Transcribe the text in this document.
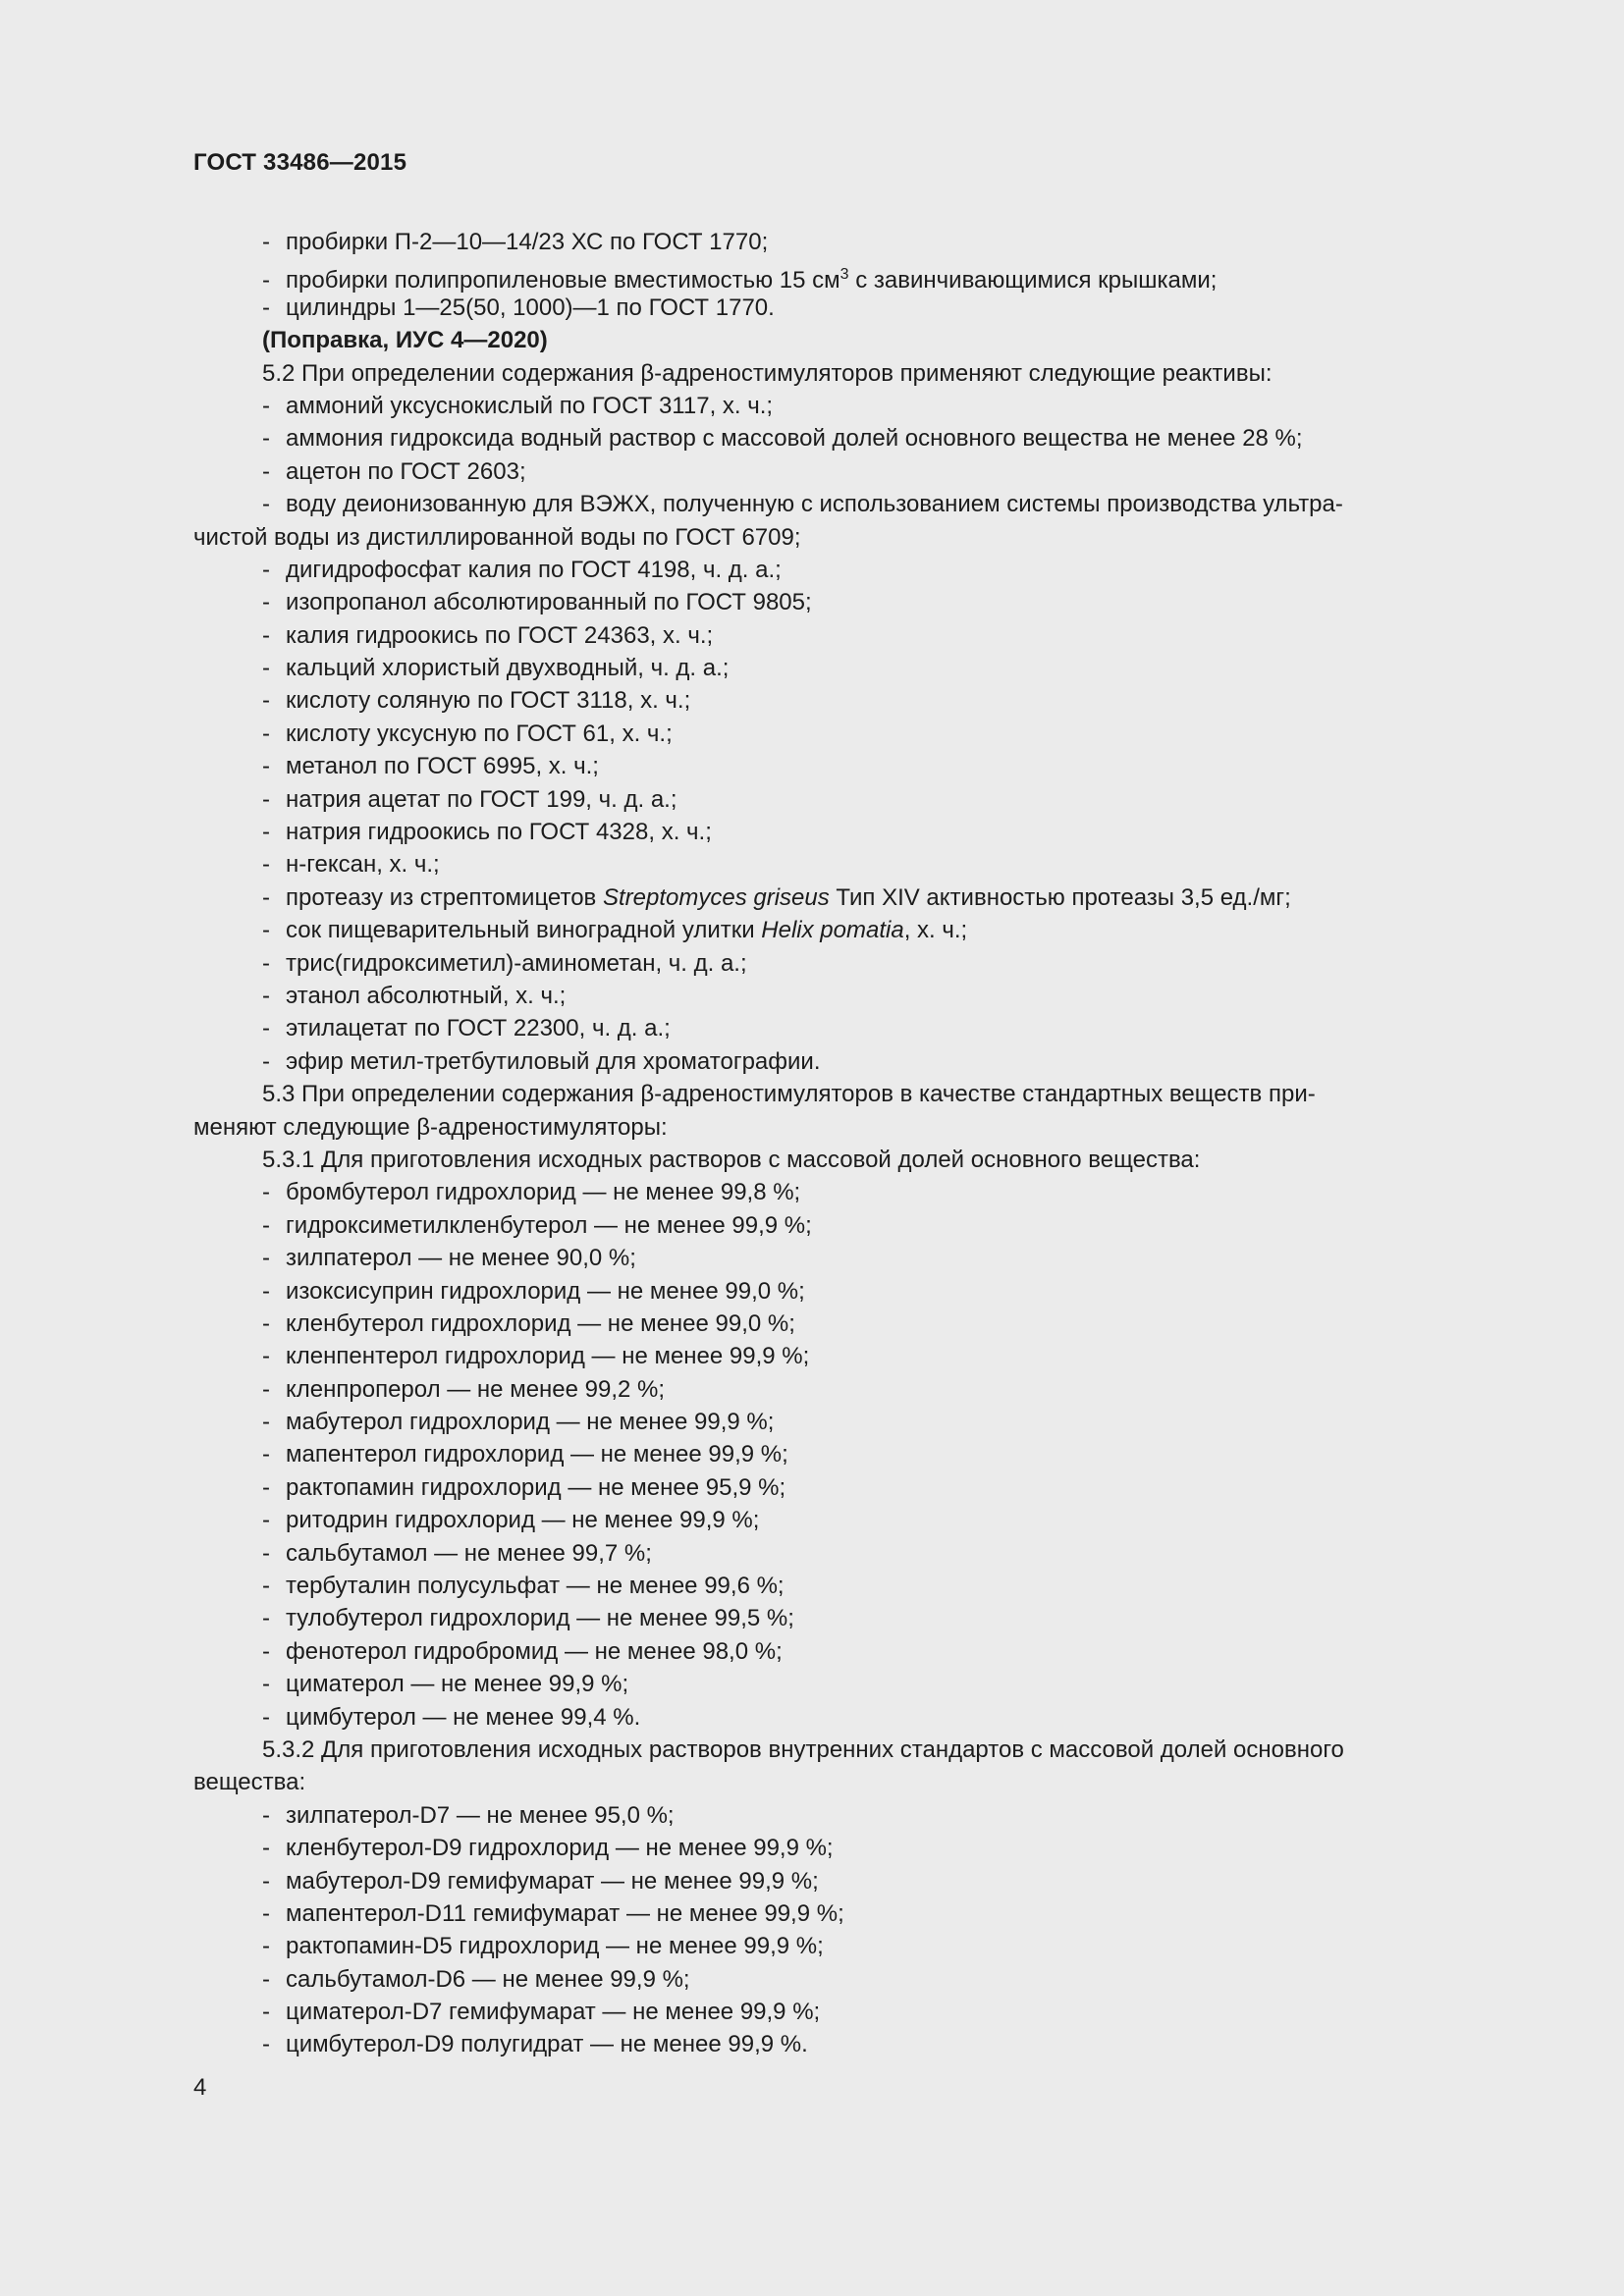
ГОСТ 33486—2015
- пробирки П-2—10—14/23 ХС по ГОСТ 1770;
- пробирки полипропиленовые вместимостью 15 $см^3$ с завинчивающимися крышками;
- цилиндры 1—25(50, 1000)—1 по ГОСТ 1770.
(Поправка, ИУС 4—2020)
5.2 При определении содержания β-адреностимуляторов применяют следующие реактивы:
- аммоний уксуснокислый по ГОСТ 3117, х. ч.;
- аммония гидроксида водный раствор с массовой долей основного вещества не менее 28 %;
- ацетон по ГОСТ 2603;
- воду деионизованную для ВЭЖХ, полученную с использованием системы производства ультра-
чистой воды из дистиллированной воды по ГОСТ 6709;
- дигидрофосфат калия по ГОСТ 4198, ч. д. а.;
- изопропанол абсолютированный по ГОСТ 9805;
- калия гидроокись по ГОСТ 24363, х. ч.;
- кальций хлористый двухводный, ч. д. а.;
- кислоту соляную по ГОСТ 3118, х. ч.;
- кислоту уксусную по ГОСТ 61, х. ч.;
- метанол по ГОСТ 6995, х. ч.;
- натрия ацетат по ГОСТ 199, ч. д. а.;
- натрия гидроокись по ГОСТ 4328, х. ч.;
- н-гексан, х. ч.;
- протеазу из стрептомицетов Streptomyces griseus Тип XIV активностью протеазы 3,5 ед./мг;
- сок пищеварительный виноградной улитки Helix pomatia, х. ч.;
- трис(гидроксиметил)-аминометан, ч. д. а.;
- этанол абсолютный, х. ч.;
- этилацетат по ГОСТ 22300, ч. д. а.;
- эфир метил-третбутиловый для хроматографии.
5.3 При определении содержания β-адреностимуляторов в качестве стандартных веществ при-
меняют следующие β-адреностимуляторы:
5.3.1 Для приготовления исходных растворов с массовой долей основного вещества:
- бромбутерол гидрохлорид — не менее 99,8 %;
- гидроксиметилкленбутерол — не менее 99,9 %;
- зилпатерол — не менее 90,0 %;
- изоксисуприн гидрохлорид — не менее 99,0 %;
- кленбутерол гидрохлорид — не менее 99,0 %;
- кленпентерол гидрохлорид — не менее 99,9 %;
- кленпроперол — не менее 99,2 %;
- мабутерол гидрохлорид — не менее 99,9 %;
- мапентерол гидрохлорид — не менее 99,9 %;
- рактопамин гидрохлорид — не менее 95,9 %;
- ритодрин гидрохлорид — не менее 99,9 %;
- сальбутамол — не менее 99,7 %;
- тербуталин полусульфат — не менее 99,6 %;
- тулобутерол гидрохлорид — не менее 99,5 %;
- фенотерол гидробромид — не менее 98,0 %;
- циматерол — не менее 99,9 %;
- цимбутерол — не менее 99,4 %.
5.3.2 Для приготовления исходных растворов внутренних стандартов с массовой долей основного
вещества:
- зилпатерол-D7 — не менее 95,0 %;
- кленбутерол-D9 гидрохлорид — не менее 99,9 %;
- мабутерол-D9 гемифумарат — не менее 99,9 %;
- мапентерол-D11 гемифумарат — не менее 99,9 %;
- рактопамин-D5 гидрохлорид — не менее 99,9 %;
- сальбутамол-D6 — не менее 99,9 %;
- циматерол-D7 гемифумарат — не менее 99,9 %;
- цимбутерол-D9 полугидрат — не менее 99,9 %.
4
